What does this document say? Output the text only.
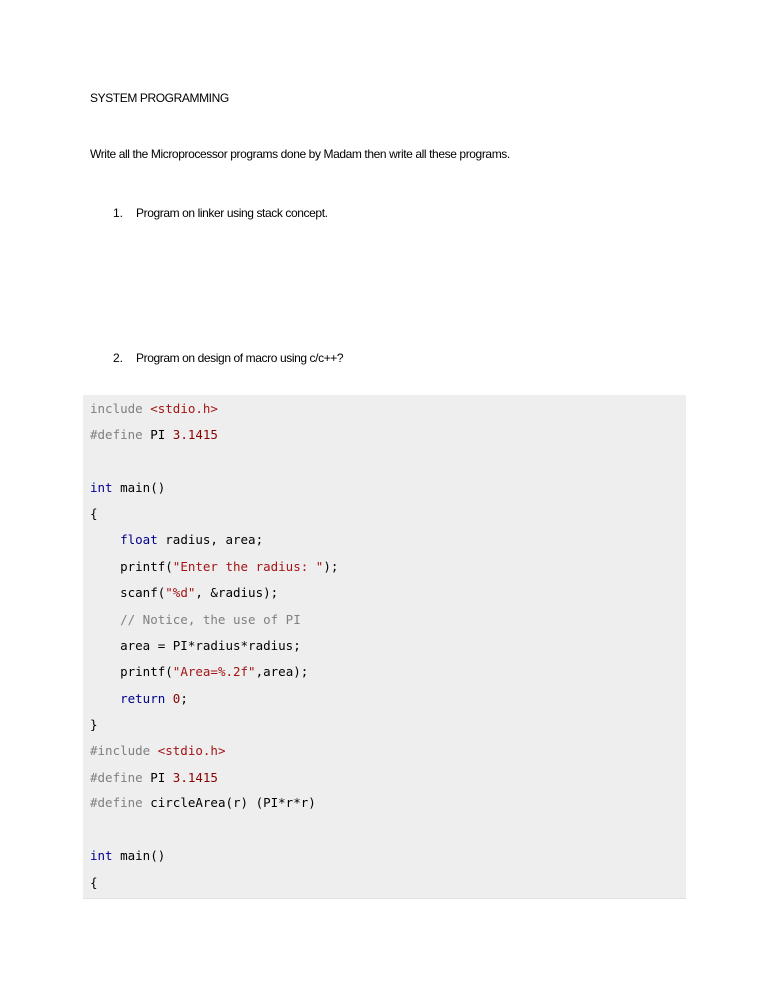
SYSTEM PROGRAMMING
Write all the Microprocessor programs done by Madam then write all these programs.
1. Program on linker using stack concept.
2. Program on design of macro using c/c++?
include <stdio.h>
#define PI 3.1415
int main()
{
float radius, area;
printf("Enter the radius: ");
scanf("%d", &radius);
// Notice, the use of PI
area = PI*radius*radius;
printf("Area=%.2f",area);
return 0;
}
#include <stdio.h>
#define PI 3.1415
#define circleArea(r) (PI*r*r)
int main()
{
